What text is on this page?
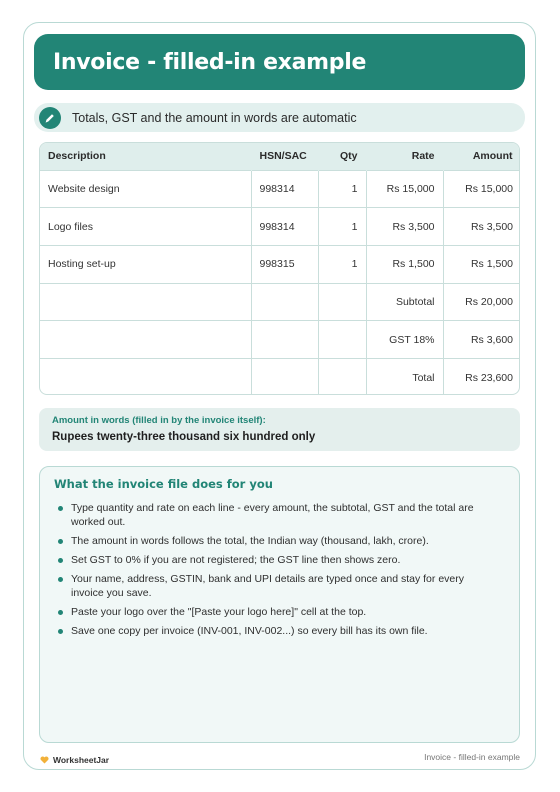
Invoice - filled-in example
Totals, GST and the amount in words are automatic
Description	HSN/SAC	Qty	Rate	Amount
Website design	998314	1	Rs 15,000	Rs 15,000
Logo files	998314	1	Rs 3,500	Rs 3,500
Hosting set-up	998315	1	Rs 1,500	Rs 1,500
			Subtotal	Rs 20,000
			GST 18%	Rs 3,600
			Total	Rs 23,600
Amount in words (filled in by the invoice itself):
Rupees twenty-three thousand six hundred only
What the invoice file does for you
Type quantity and rate on each line - every amount, the subtotal, GST and the total are worked out.
The amount in words follows the total, the Indian way (thousand, lakh, crore).
Set GST to 0% if you are not registered; the GST line then shows zero.
Your name, address, GSTIN, bank and UPI details are typed once and stay for every invoice you save.
Paste your logo over the "[Paste your logo here]" cell at the top.
Save one copy per invoice (INV-001, INV-002...) so every bill has its own file.
WorksheetJar	Invoice - filled-in example
